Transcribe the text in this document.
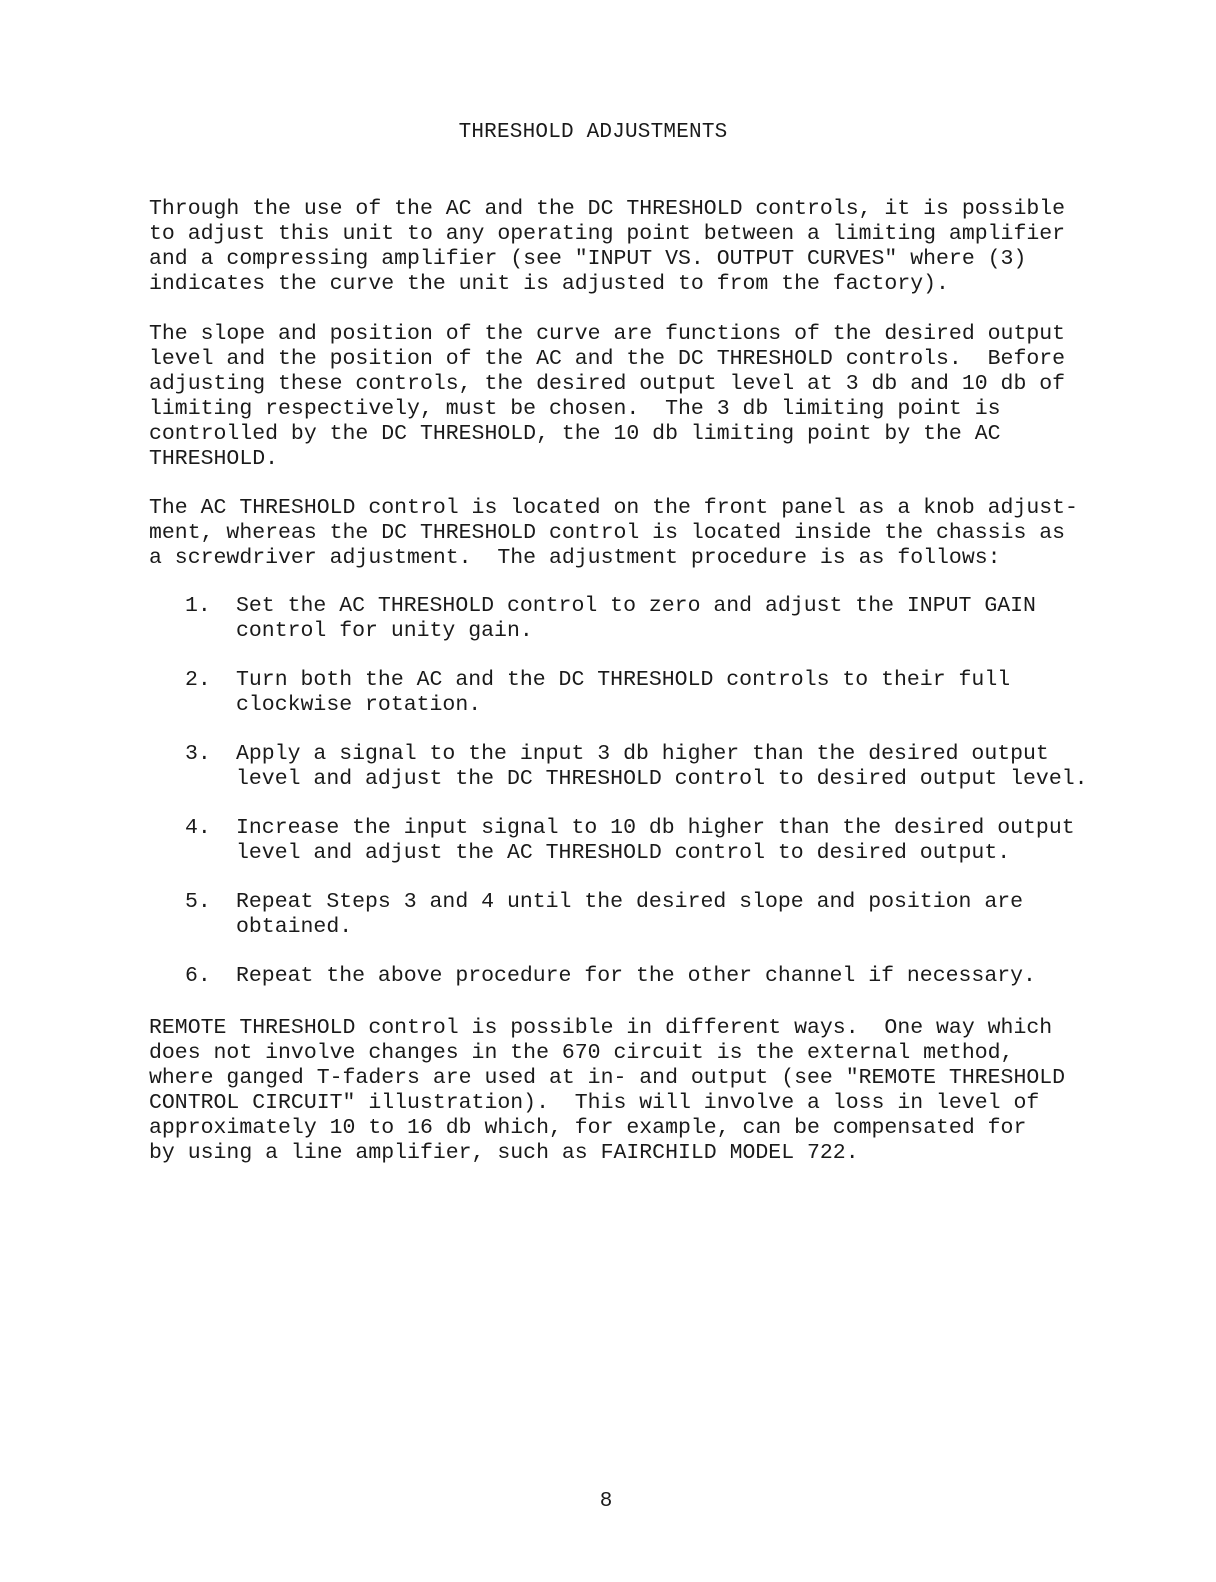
THRESHOLD ADJUSTMENTS

Through the use of the AC and the DC THRESHOLD controls, it is possible
to adjust this unit to any operating point between a limiting amplifier
and a compressing amplifier (see "INPUT VS. OUTPUT CURVES" where (3)
indicates the curve the unit is adjusted to from the factory).

The slope and position of the curve are functions of the desired output
level and the position of the AC and the DC THRESHOLD controls.  Before
adjusting these controls, the desired output level at 3 db and 10 db of
limiting respectively, must be chosen.  The 3 db limiting point is
controlled by the DC THRESHOLD, the 10 db limiting point by the AC
THRESHOLD.

The AC THRESHOLD control is located on the front panel as a knob adjust-
ment, whereas the DC THRESHOLD control is located inside the chassis as
a screwdriver adjustment.  The adjustment procedure is as follows:

1.	Set the AC THRESHOLD control to zero and adjust the INPUT GAIN
control for unity gain.
2.	Turn both the AC and the DC THRESHOLD controls to their full
clockwise rotation.
3.	Apply a signal to the input 3 db higher than the desired output
level and adjust the DC THRESHOLD control to desired output level.
4.	Increase the input signal to 10 db higher than the desired output
level and adjust the AC THRESHOLD control to desired output.
5.	Repeat Steps 3 and 4 until the desired slope and position are
obtained.
6.	Repeat the above procedure for the other channel if necessary.

REMOTE THRESHOLD control is possible in different ways.  One way which
does not involve changes in the 670 circuit is the external method,
where ganged T-faders are used at in- and output (see "REMOTE THRESHOLD
CONTROL CIRCUIT" illustration).  This will involve a loss in level of
approximately 10 to 16 db which, for example, can be compensated for
by using a line amplifier, such as FAIRCHILD MODEL 722.

8
